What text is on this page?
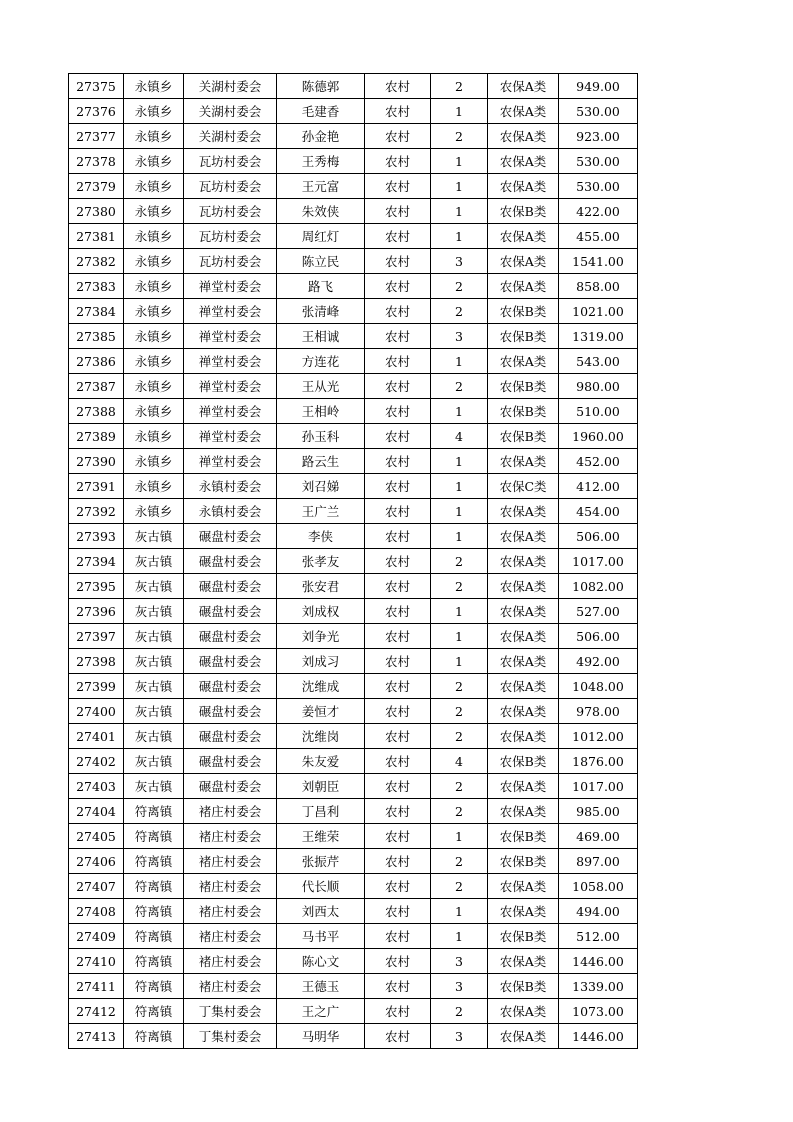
27375	永镇乡	关湖村委会	陈德郭	农村	2	农保A类	949.00
27376	永镇乡	关湖村委会	毛建香	农村	1	农保A类	530.00
27377	永镇乡	关湖村委会	孙金艳	农村	2	农保A类	923.00
27378	永镇乡	瓦坊村委会	王秀梅	农村	1	农保A类	530.00
27379	永镇乡	瓦坊村委会	王元富	农村	1	农保A类	530.00
27380	永镇乡	瓦坊村委会	朱效侠	农村	1	农保B类	422.00
27381	永镇乡	瓦坊村委会	周红灯	农村	1	农保A类	455.00
27382	永镇乡	瓦坊村委会	陈立民	农村	3	农保A类	1541.00
27383	永镇乡	禅堂村委会	路飞	农村	2	农保A类	858.00
27384	永镇乡	禅堂村委会	张清峰	农村	2	农保B类	1021.00
27385	永镇乡	禅堂村委会	王相诚	农村	3	农保B类	1319.00
27386	永镇乡	禅堂村委会	方连花	农村	1	农保A类	543.00
27387	永镇乡	禅堂村委会	王从光	农村	2	农保B类	980.00
27388	永镇乡	禅堂村委会	王相岭	农村	1	农保B类	510.00
27389	永镇乡	禅堂村委会	孙玉科	农村	4	农保B类	1960.00
27390	永镇乡	禅堂村委会	路云生	农村	1	农保A类	452.00
27391	永镇乡	永镇村委会	刘召娣	农村	1	农保C类	412.00
27392	永镇乡	永镇村委会	王广兰	农村	1	农保A类	454.00
27393	灰古镇	碾盘村委会	李侠	农村	1	农保A类	506.00
27394	灰古镇	碾盘村委会	张孝友	农村	2	农保A类	1017.00
27395	灰古镇	碾盘村委会	张安君	农村	2	农保A类	1082.00
27396	灰古镇	碾盘村委会	刘成权	农村	1	农保A类	527.00
27397	灰古镇	碾盘村委会	刘争光	农村	1	农保A类	506.00
27398	灰古镇	碾盘村委会	刘成习	农村	1	农保A类	492.00
27399	灰古镇	碾盘村委会	沈维成	农村	2	农保A类	1048.00
27400	灰古镇	碾盘村委会	姜恒才	农村	2	农保A类	978.00
27401	灰古镇	碾盘村委会	沈维岗	农村	2	农保A类	1012.00
27402	灰古镇	碾盘村委会	朱友爱	农村	4	农保B类	1876.00
27403	灰古镇	碾盘村委会	刘朝臣	农村	2	农保A类	1017.00
27404	符离镇	褚庄村委会	丁昌利	农村	2	农保A类	985.00
27405	符离镇	褚庄村委会	王维荣	农村	1	农保B类	469.00
27406	符离镇	褚庄村委会	张振芹	农村	2	农保B类	897.00
27407	符离镇	褚庄村委会	代长顺	农村	2	农保A类	1058.00
27408	符离镇	褚庄村委会	刘西太	农村	1	农保A类	494.00
27409	符离镇	褚庄村委会	马书平	农村	1	农保B类	512.00
27410	符离镇	褚庄村委会	陈心文	农村	3	农保A类	1446.00
27411	符离镇	褚庄村委会	王德玉	农村	3	农保B类	1339.00
27412	符离镇	丁集村委会	王之广	农村	2	农保A类	1073.00
27413	符离镇	丁集村委会	马明华	农村	3	农保A类	1446.00
